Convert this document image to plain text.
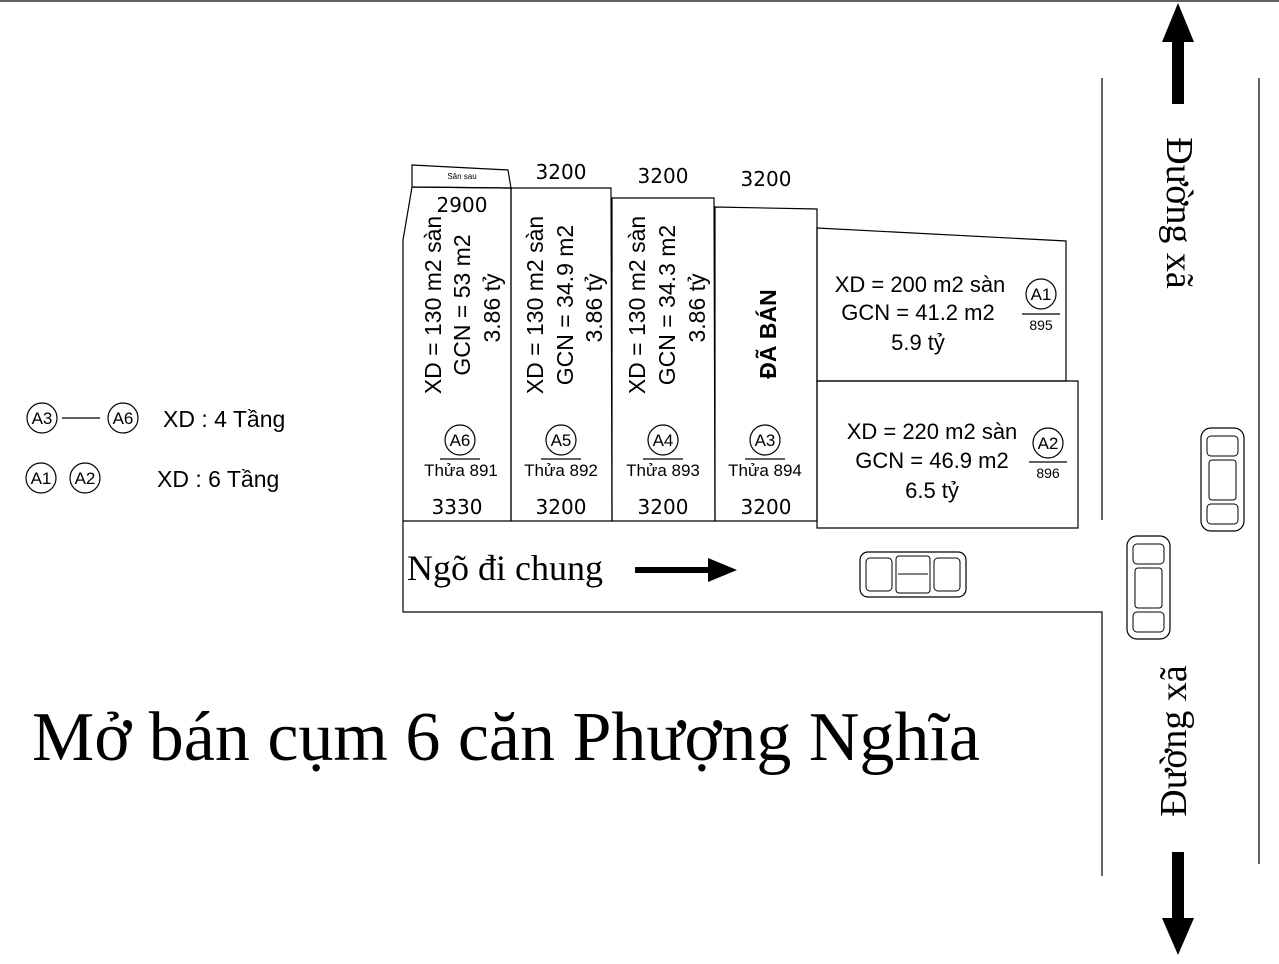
Sân sau
2900
3200	3200	3200
3330	3200	3200	3200
XD = 130 m2 sàn GCN = 53 m2 3.86 tỷ XD = 130 m2 sàn GCN = 34.9 m2 3.86 tỷ XD = 130 m2 sàn GCN = 34.3 m2 3.86 tỷ ĐÃ BÁN
A6
Thửa 891
A5
Thửa 892
A4
Thửa 893
A3
Thửa 894
XD = 200 m2 sàn
GCN = 41.2 m2
5.9 tỷ
A1
895
XD = 220 m2 sàn
GCN = 46.9 m2
6.5 tỷ
A2
896
A3	A6 XD : 4 Tầng
A1 A2	XD : 6 Tầng
Ngõ đi chung
Mở bán cụm 6 căn Phượng Nghĩa
Đường xã
Đường xã
